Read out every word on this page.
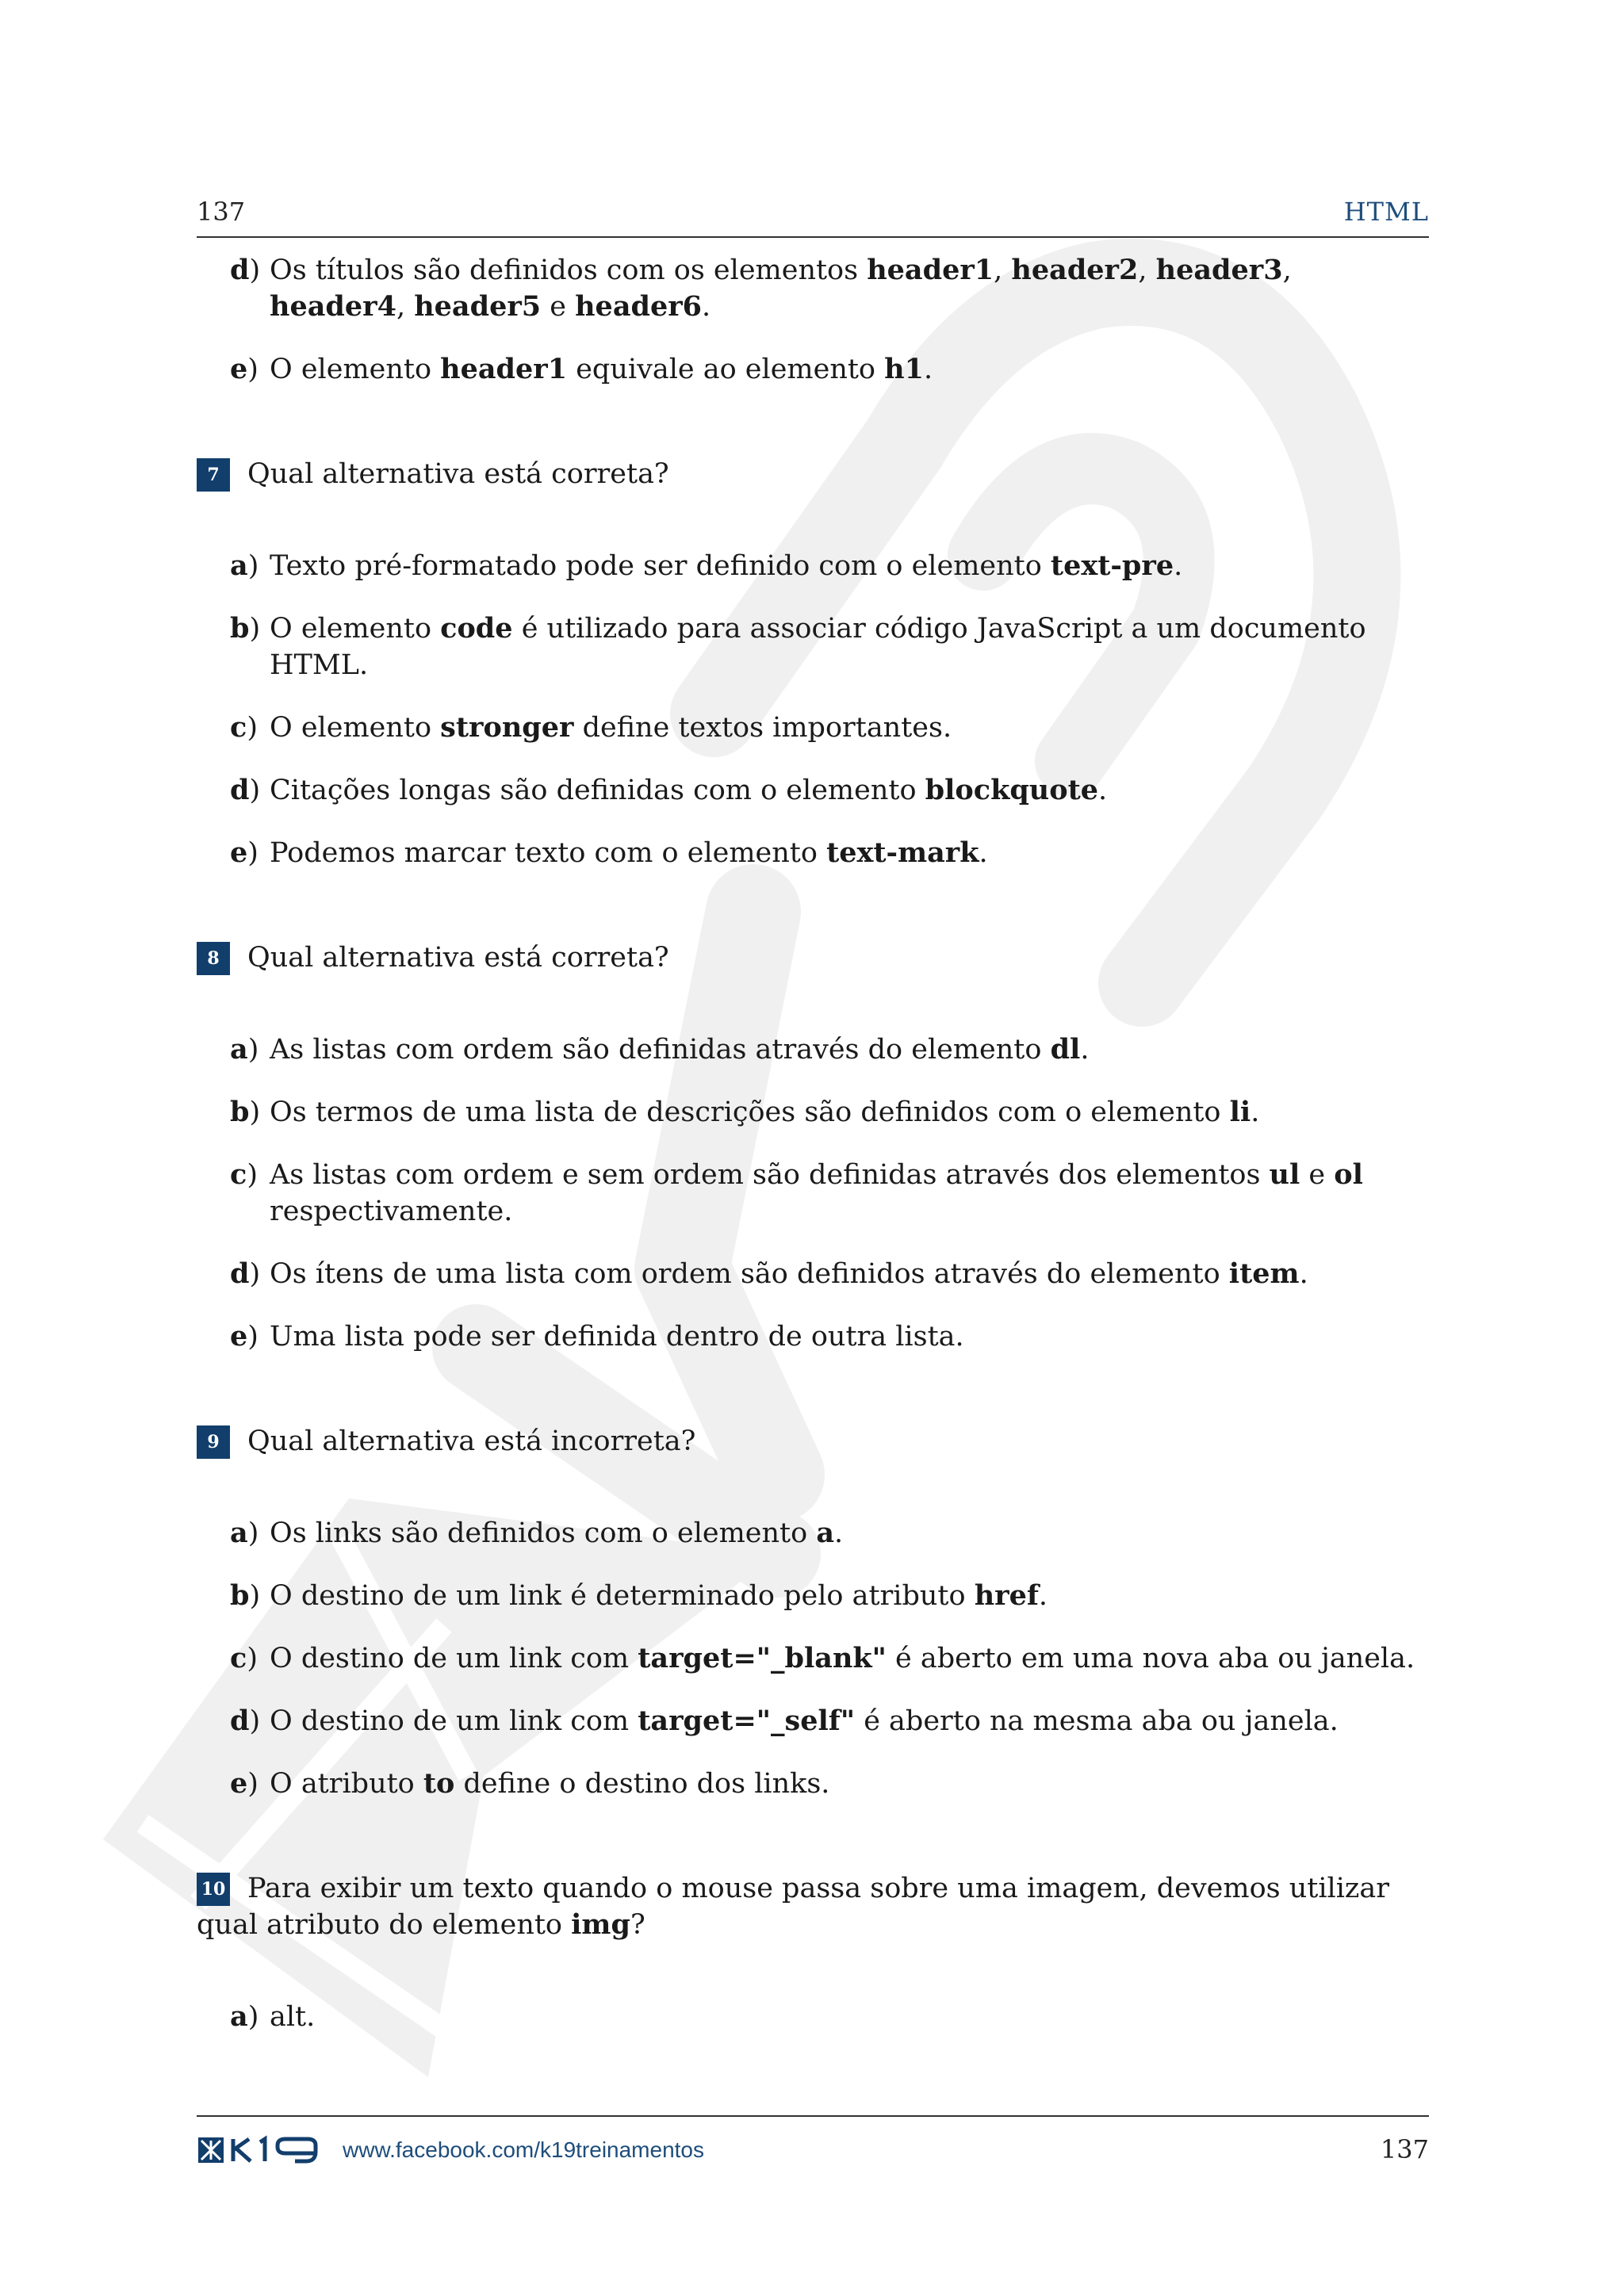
137	HTML
d) Os títulos são definidos com os elementos header1, header2, header3, header4, header5 e header6.
e) O elemento header1 equivale ao elemento h1.
7 Qual alternativa está correta?
a) Texto pré-formatado pode ser definido com o elemento text-pre.
b) O elemento code é utilizado para associar código JavaScript a um documento HTML.
c) O elemento stronger define textos importantes.
d) Citações longas são definidas com o elemento blockquote.
e) Podemos marcar texto com o elemento text-mark.
8 Qual alternativa está correta?
a) As listas com ordem são definidas através do elemento dl.
b) Os termos de uma lista de descrições são definidos com o elemento li.
c) As listas com ordem e sem ordem são definidas através dos elementos ul e ol respectivamente.
d) Os ítens de uma lista com ordem são definidos através do elemento item.
e) Uma lista pode ser definida dentro de outra lista.
9 Qual alternativa está incorreta?
a) Os links são definidos com o elemento a.
b) O destino de um link é determinado pelo atributo href.
c) O destino de um link com target="_blank" é aberto em uma nova aba ou janela.
d) O destino de um link com target="_self" é aberto na mesma aba ou janela.
e) O atributo to define o destino dos links.
10 Para exibir um texto quando o mouse passa sobre uma imagem, devemos utilizar qual atributo do elemento img?
a) alt.
www.facebook.com/k19treinamentos	137
